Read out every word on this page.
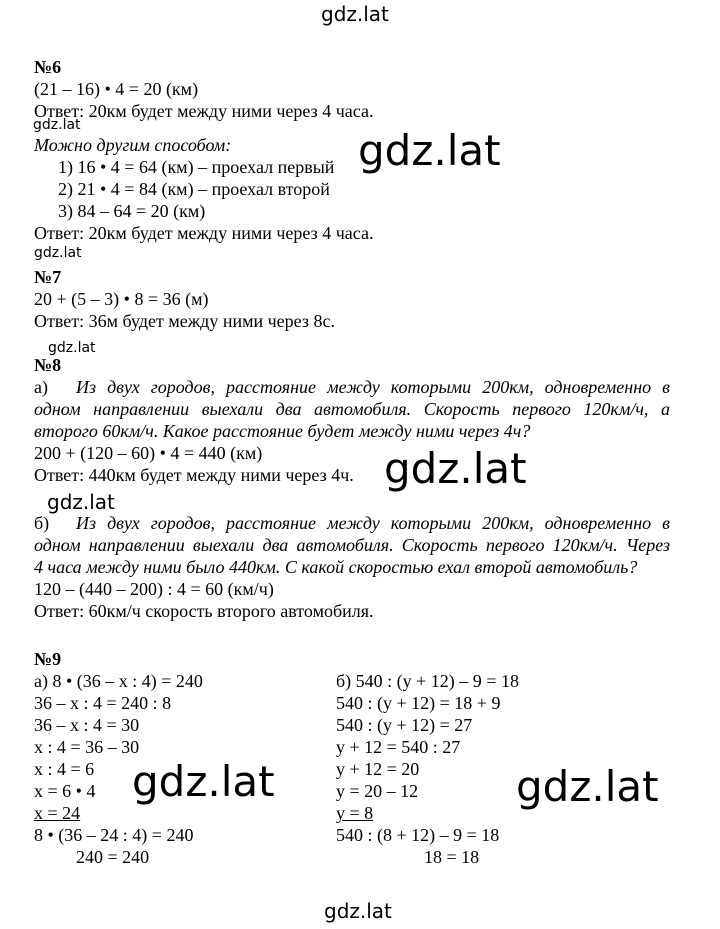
gdz.lat
gdz.lat
gdz.lat
gdz.lat
gdz.lat
gdz.lat
gdz.lat
gdz.lat	gdz.lat
gdz.lat
№6
(21 – 16) • 4 = 20 (км)
Ответ: 20км будет между ними через 4 часа.
Можно другим способом:
1) 16 • 4 = 64 (км) – проехал первый
2) 21 • 4 = 84 (км) – проехал второй
3) 84 – 64 = 20 (км)
Ответ: 20км будет между ними через 4 часа.
№7
20 + (5 – 3) • 8 = 36 (м)
Ответ: 36м будет между ними через 8с.
№8
а) Из двух городов, расстояние между которыми 200км, одновременно в
одном направлении выехали два автомобиля. Скорость первого 120км/ч, а
второго 60км/ч. Какое расстояние будет между ними через 4ч?
200 + (120 – 60) • 4 = 440 (км)
Ответ: 440км будет между ними через 4ч.
б) Из двух городов, расстояние между которыми 200км, одновременно в
одном направлении выехали два автомобиля. Скорость первого 120км/ч. Через
4 часа между ними было 440км. С какой скоростью ехал второй автомобиль?
120 – (440 – 200) : 4 = 60 (км/ч)
Ответ: 60км/ч скорость второго автомобиля.
№9
а) 8 • (36 – x : 4) = 240
36 – x : 4 = 240 : 8
36 – x : 4 = 30
x : 4 = 36 – 30
x : 4 = 6
x = 6 • 4
x = 24
8 • (36 – 24 : 4) = 240
240 = 240
б) 540 : (y + 12) – 9 = 18
540 : (y + 12) = 18 + 9
540 : (y + 12) = 27
y + 12 = 540 : 27
y + 12 = 20
y = 20 – 12
y = 8
540 : (8 + 12) – 9 = 18
18 = 18
